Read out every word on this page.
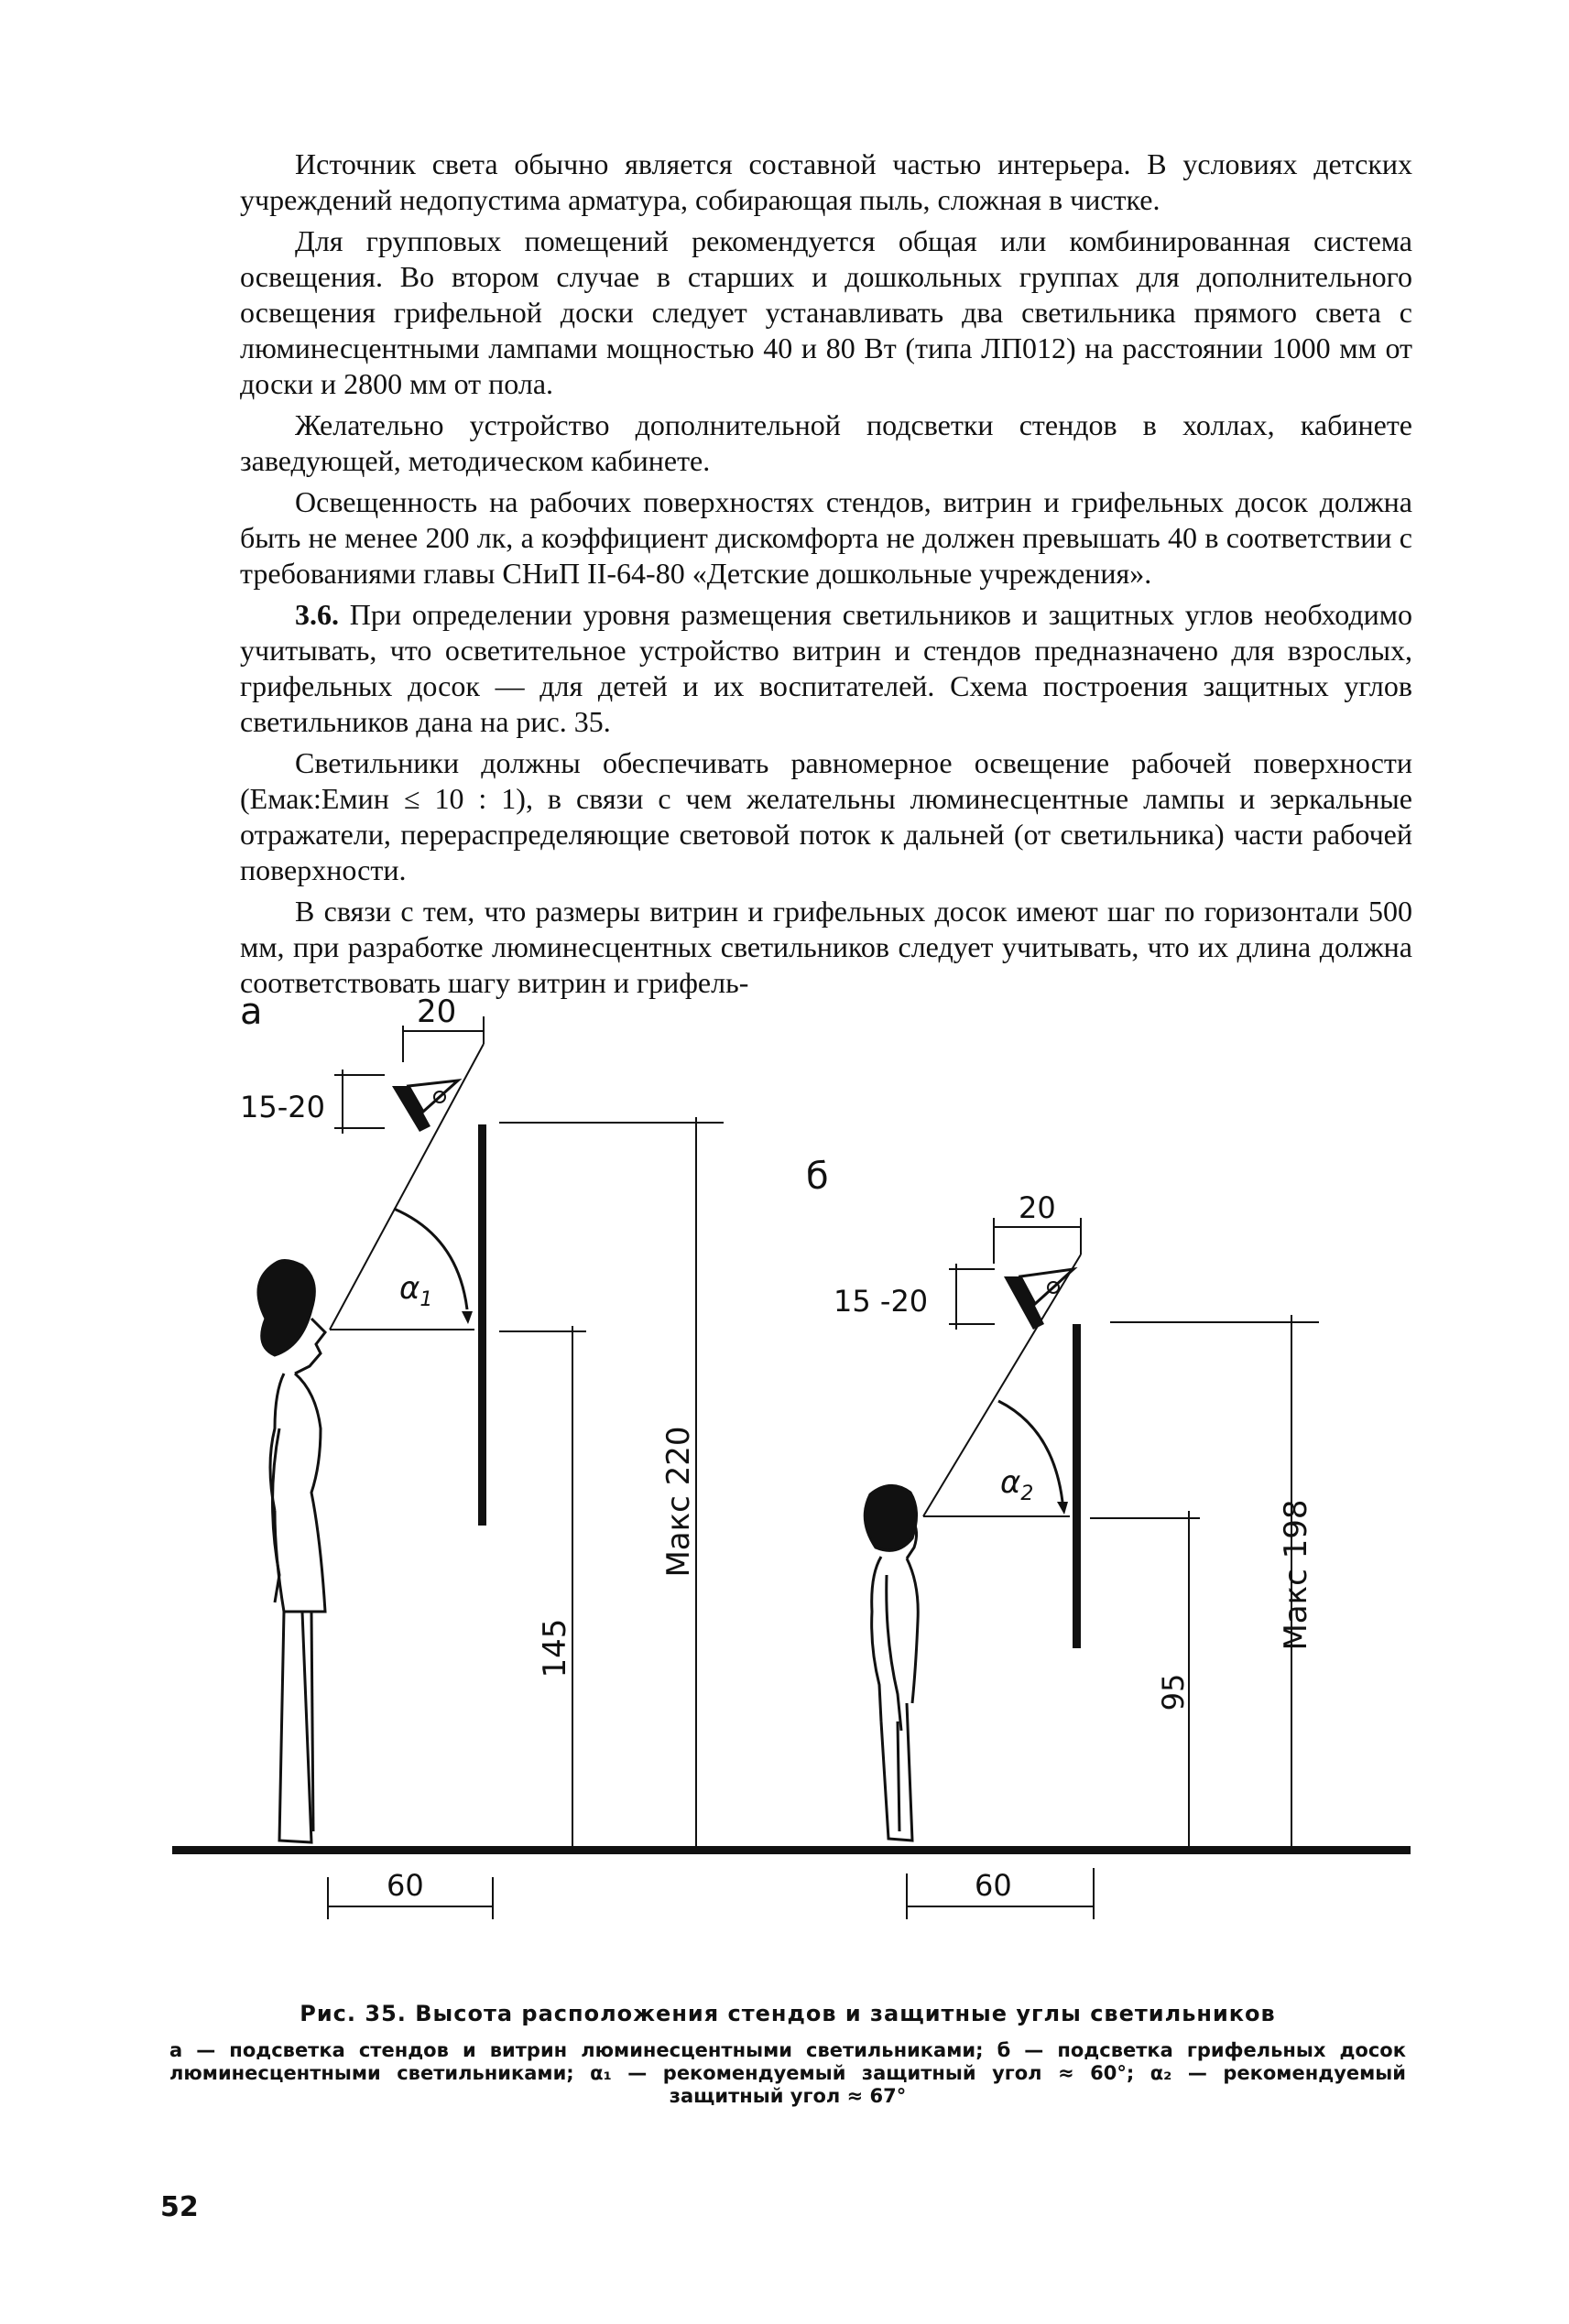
Источник света обычно является составной частью интерьера. В условиях детских учреждений недопустима арматура, собирающая пыль, сложная в чистке.

Для групповых помещений рекомендуется общая или комбинированная система освещения. Во втором случае в старших и дошкольных группах для дополнительного освещения грифельной доски следует устанавливать два светильника прямого света с люминесцентными лампами мощностью 40 и 80 Вт (типа ЛП012) на расстоянии 1000 мм от доски и 2800 мм от пола.

Желательно устройство дополнительной подсветки стендов в холлах, кабинете заведующей, методическом кабинете.

Освещенность на рабочих поверхностях стендов, витрин и грифельных досок должна быть не менее 200 лк, а коэффициент дискомфорта не должен превышать 40 в соответствии с требованиями главы СНиП II-64-80 «Детские дошкольные учреждения».

3.6. При определении уровня размещения светильников и защитных углов необходимо учитывать, что осветительное устройство витрин и стендов предназначено для взрослых, грифельных досок — для детей и их воспитателей. Схема построения защитных углов светильников дана на рис. 35.

Светильники должны обеспечивать равномерное освещение рабочей поверхности (Eмак:Eмин ≤ 10 : 1), в связи с чем желательны люминесцентные лампы и зеркальные отражатели, перераспределяющие световой поток к дальней (от светильника) части рабочей поверхности.

В связи с тем, что размеры витрин и грифельных досок имеют шаг по горизонтали 500 мм, при разработке люминесцентных светильников следует учитывать, что их длина должна соответствовать шагу витрин и грифель-

а	20
15-20
$\alpha_1$
145
Макс 220
60
б
20
15 -20
$\alpha_2$
95
Макс 198
60
Рис. 35. Высота расположения стендов и защитные углы светильников
а — подсветка стендов и витрин люминесцентными светильниками; б — подсветка грифельных досок люминесцентными светильниками; α₁ — рекомендуемый защитный угол ≈ 60°; α₂ — рекомендуемый защитный угол ≈ 67°
52
